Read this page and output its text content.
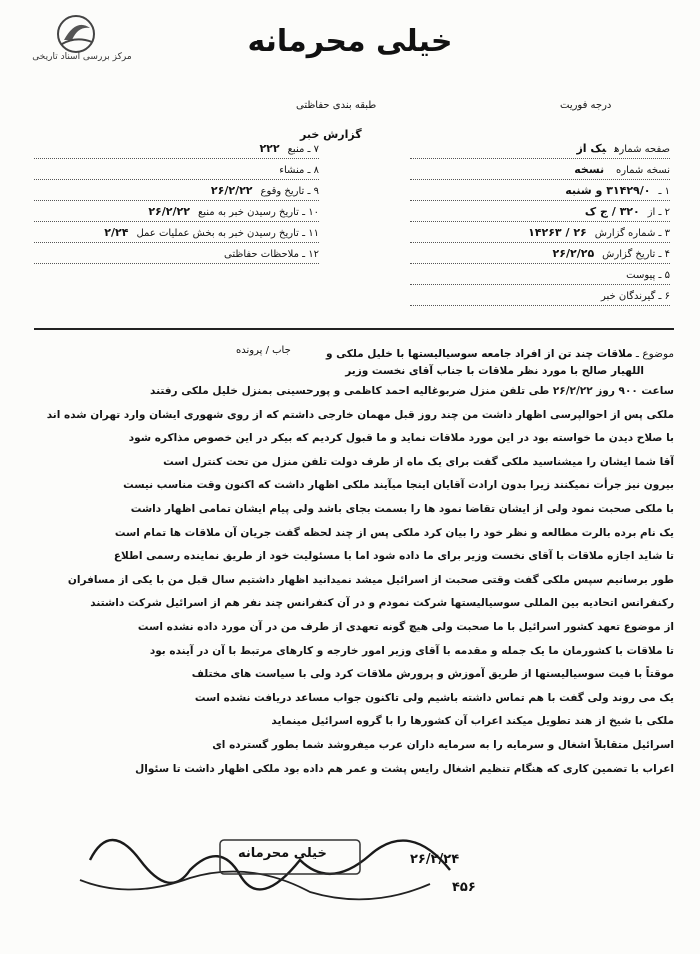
مرکز بررسی اسناد تاریخی	خیلی محرمانه
درجه فوریت
طبقه بندی حفاظتی
گزارش خبر
صفحه شمارهیک از
نسخه شماره نسخه
۱ ـ۳۱۴۲۹/۰ و شنبه
۲ ـ از۳۲۰ / ج ک
۳ ـ شماره گزارش۲۶ / ۱۴۲۶۳
۴ ـ تاریخ گزارش۲۶/۲/۲۵
۵ ـ پیوست
۶ ـ گیرندگان خبر
۷ ـ منبع۲۲۲
۸ ـ منشاء
۹ ـ تاریخ وقوع۲۶/۲/۲۲
۱۰ ـ تاریخ رسیدن خبر به منبع۲۶/۲/۲۲
۱۱ ـ تاریخ رسیدن خبر به بخش عملیات عمل۲/۲۴
۱۲ ـ ملاحظات حفاظتی
موضوع ـ ملاقات چند تن از افراد جامعه سوسیالیستها با خلیل ملکی و
اللهیار صالح با مورد نظر ملاقات با جناب آقای نخست وزیر
جاب / پرونده
ساعت ۹۰۰ روز ۲۶/۲/۲۲ طی تلفن منزل ضربوغالیه احمد کاظمی و پورحسینی بمنزل خلیل ملکی رفتند
ملکی پس از احوالپرسی اظهار داشت من چند روز قبل مهمان خارجی داشتم که از روی شهوری ایشان وارد تهران شده اند
با صلاح دیدن ما خواسته بود در این مورد ملاقات نماید و ما قبول کردیم که بیکر در این خصوص مذاکره شود
آقا شما ایشان را میشناسید ملکی گفت برای یک ماه از طرف دولت تلفن منزل من تحت کنترل است
بیرون نیز جرأت نمیکنند زیرا بدون ارادت آقایان اینجا میآیند ملکی اظهار داشت که اکنون وقت مناسب نیست
با ملکی صحبت نمود ولی از ایشان تقاضا نمود ها را بسمت بجای باشد ولی پیام ایشان تمامی اظهار داشت
یک نام برده بالرت مطالعه و نظر خود را بیان کرد ملکی پس از چند لحظه گفت جریان آن ملاقات ها تمام است
تا شاید اجازه ملاقات با آقای نخست وزیر برای ما داده شود اما با مسئولیت خود از طریق نماینده رسمی اطلاع
طور برسانیم سپس ملکی گفت وقتی صحبت از اسرائیل میشد نمیدانید اظهار داشتیم سال قبل من با یکی از مسافران
رکنفرانس اتحادیه بین المللی سوسیالیستها شرکت نمودم و در آن کنفرانس چند نفر هم از اسرائیل شرکت داشتند
از موضوع تعهد کشور اسرائیل با ما صحبت ولی هیچ گونه تعهدی از طرف من در آن مورد داده نشده است
تا ملاقات با کشورمان ما یک جمله و مقدمه با آقای وزیر امور خارجه و کارهای مرتبط با آن در آینده بود
موقتاً با فیت سوسیالیستها از طریق آموزش و پرورش ملاقات کرد ولی با سیاست های مختلف
یک می روند ولی گفت با هم تماس داشته باشیم ولی تاکنون جواب مساعد دریافت نشده است
ملکی با شیخ از هند تطویل میکند اعراب آن کشورها را با گروه اسرائیل مینماید
اسرائیل متقابلاً اشغال و سرمایه را به سرمایه داران عرب میفروشد شما بطور گسترده ای
اعراب با تضمین کاری که هنگام تنظیم اشغال رایس پشت و عمر هم داده بود ملکی اظهار داشت تا سئوال
خیلی محرمانه	۲۶/۲/۲۴
۴۵۶
